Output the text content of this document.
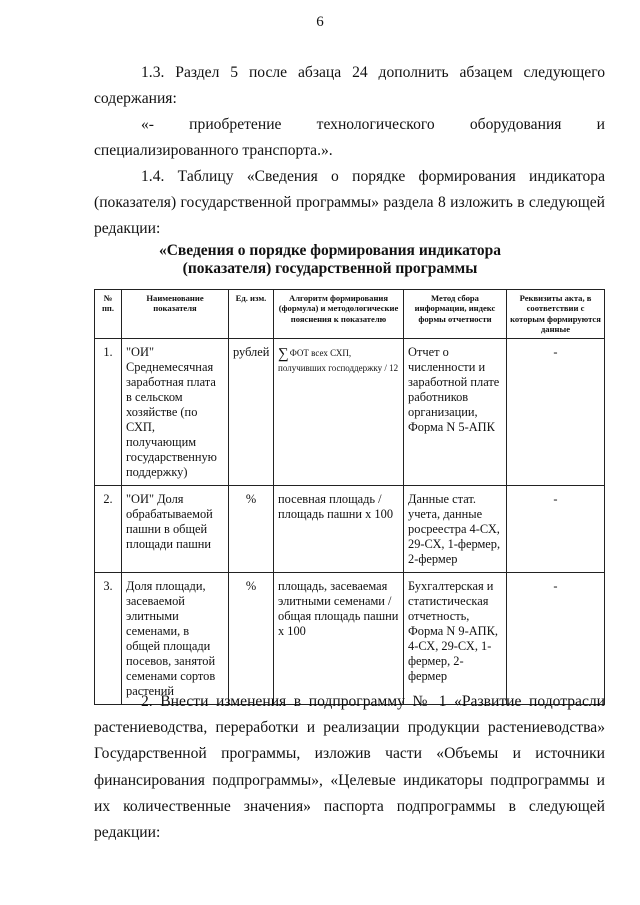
6

1.3. Раздел 5 после абзаца 24 дополнить абзацем следующего содержания:

«- приобретение технологического оборудования и специализированного транспорта.».

1.4. Таблицу «Сведения о порядке формирования индикатора (показателя) государственной программы» раздела 8 изложить в следующей редакции:

«Сведения о порядке формирования индикатора
(показателя) государственной программы
№ пп.	Наименование показателя	Ед. изм.	Алгоритм формирования (формула) и методологические пояснения к показателю	Метод сбора информации, индекс формы отчетности	Реквизиты акта, в соответствии с которым формируются данные
1.	"ОИ" Среднемесячная заработная плата в сельском хозяйстве (по СХП, получающим государственную поддержку)	рублей	∑ФОТ всех СХП, получивших господдержку / 12	Отчет о численности и заработной плате работников организации, Форма N 5-АПК	-

2.	"ОИ" Доля обрабатываемой пашни в общей площади пашни	%	посевная площадь / площадь пашни х 100	Данные стат. учета, данные росреестра 4-СХ, 29-СХ, 1-фермер, 2-фермер	-

3.	Доля площади, засеваемой элитными семенами, в общей площади посевов, занятой семенами сортов растений	%	площадь, засеваемая элитными семенами / общая площадь пашни х 100	Бухгалтерская и статистическая отчетность, Форма N 9-АПК, 4-СХ, 29-СХ, 1-фермер, 2-фермер	-

2. Внести изменения в подпрограмму № 1 «Развитие подотрасли растениеводства, переработки и реализации продукции растениеводства» Государственной программы, изложив части «Объемы и источники финансирования подпрограммы», «Целевые индикаторы подпрограммы и их количественные значения» паспорта подпрограммы в следующей редакции:
